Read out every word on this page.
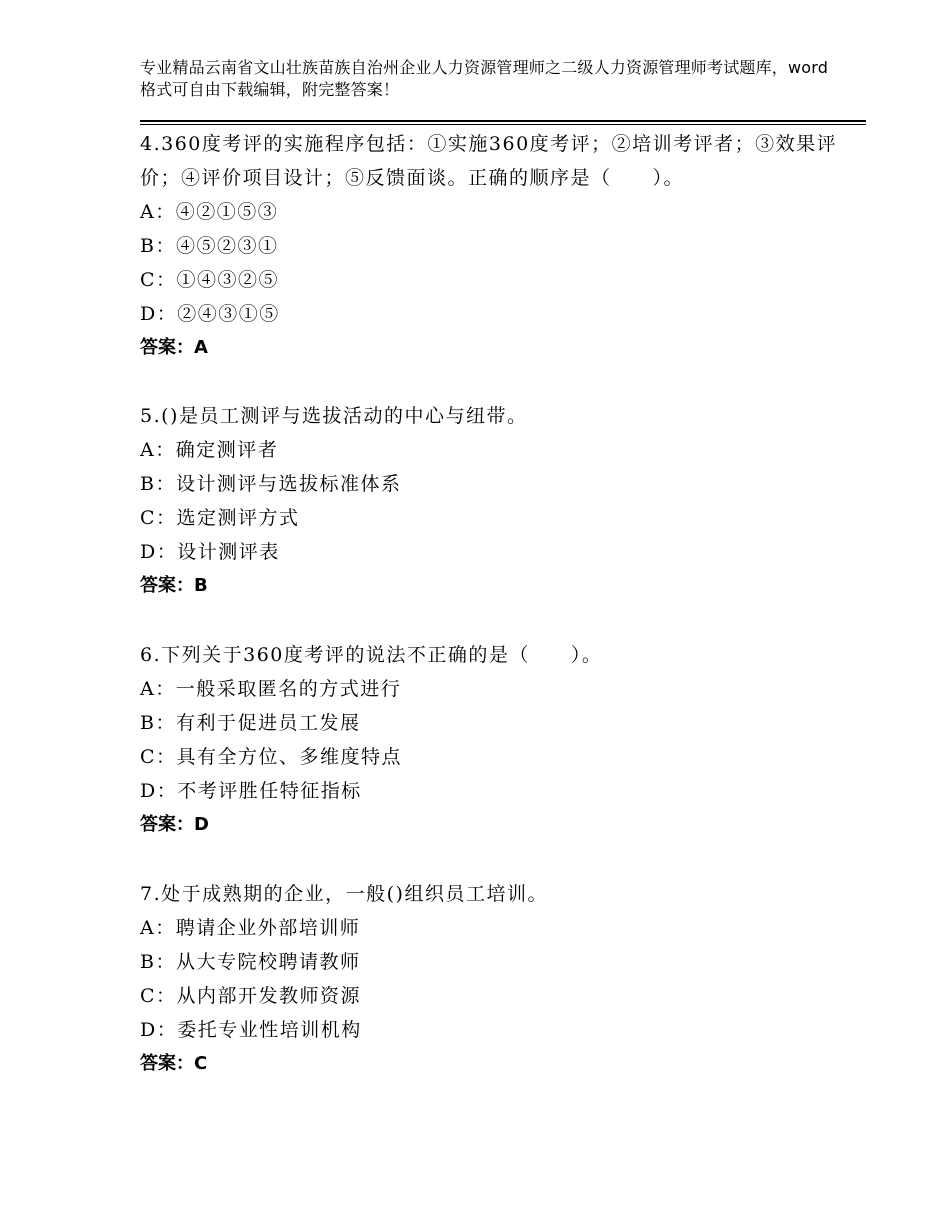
专业精品云南省文山壮族苗族自治州企业人力资源管理师之二级人力资源管理师考试题库，word格式可自由下载编辑，附完整答案！

4.360度考评的实施程序包括：①实施360度考评；②培训考评者；③效果评价；④评价项目设计；⑤反馈面谈。正确的顺序是（　　）。

A：④②①⑤③

B：④⑤②③①

C：①④③②⑤

D：②④③①⑤

答案：A

5.()是员工测评与选拔活动的中心与纽带。

A：确定测评者

B：设计测评与选拔标准体系

C：选定测评方式

D：设计测评表

答案：B

6.下列关于360度考评的说法不正确的是（　　）。

A：一般采取匿名的方式进行

B：有利于促进员工发展

C：具有全方位、多维度特点

D：不考评胜任特征指标

答案：D

7.处于成熟期的企业，一般()组织员工培训。

A：聘请企业外部培训师

B：从大专院校聘请教师

C：从内部开发教师资源

D：委托专业性培训机构

答案：C
